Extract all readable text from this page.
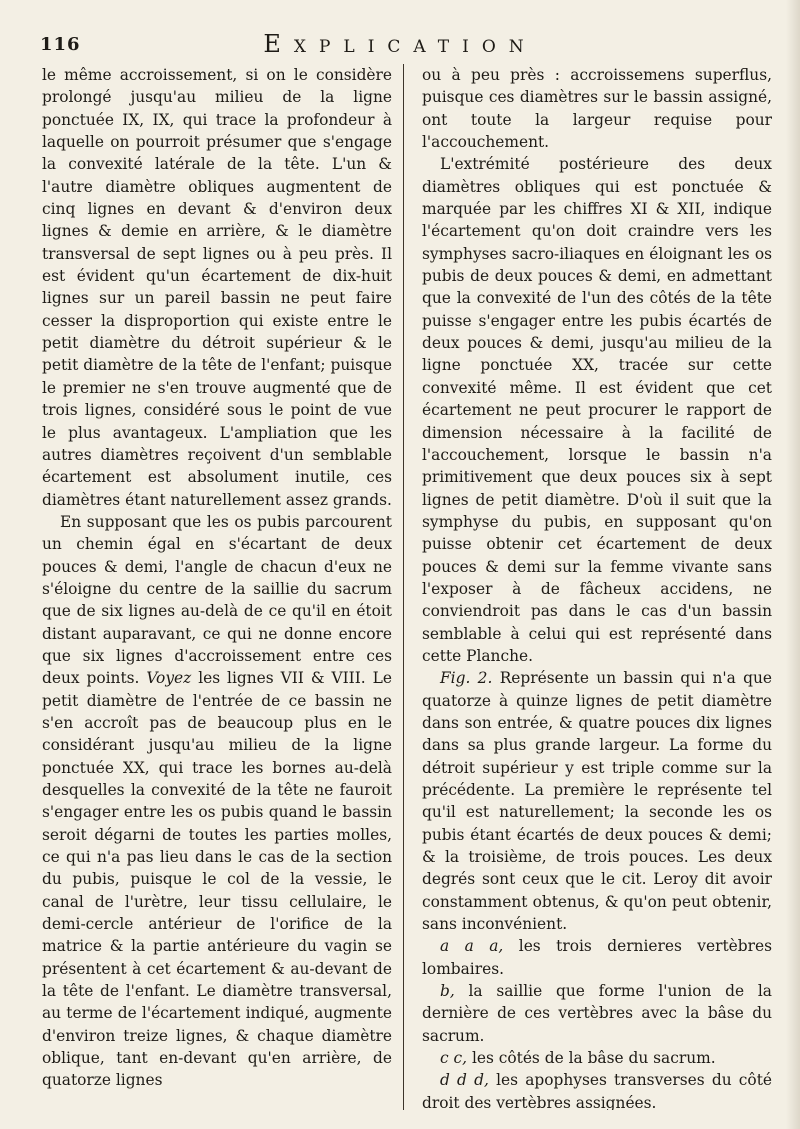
116	Explication

le même accroissement, si on le considère prolongé jusqu'au milieu de la ligne ponctuée IX, IX, qui trace la profondeur à laquelle on pourroit présumer que s'engage la convexité latérale de la tête. L'un & l'autre diamètre obliques augmentent de cinq lignes en devant & d'environ deux lignes & demie en arrière, & le diamètre transversal de sept lignes ou à peu près. Il est évident qu'un écartement de dix-huit lignes sur un pareil bassin ne peut faire cesser la disproportion qui existe entre le petit diamètre du détroit supérieur & le petit diamètre de la tête de l'enfant; puisque le premier ne s'en trouve augmenté que de trois lignes, considéré sous le point de vue le plus avantageux. L'ampliation que les autres diamètres reçoivent d'un semblable écartement est absolument inutile, ces diamètres étant naturellement assez grands.

En supposant que les os pubis parcourent un chemin égal en s'écartant de deux pouces & demi, l'angle de chacun d'eux ne s'éloigne du centre de la saillie du sacrum que de six lignes au-delà de ce qu'il en étoit distant auparavant, ce qui ne donne encore que six lignes d'accroissement entre ces deux points. Voyez les lignes VII & VIII. Le petit diamètre de l'entrée de ce bassin ne s'en accroît pas de beaucoup plus en le considérant jusqu'au milieu de la ligne ponctuée XX, qui trace les bornes au-delà desquelles la convexité de la tête ne fauroit s'engager entre les os pubis quand le bassin seroit dégarni de toutes les parties molles, ce qui n'a pas lieu dans le cas de la section du pubis, puisque le col de la vessie, le canal de l'urètre, leur tissu cellulaire, le demi-cercle antérieur de l'orifice de la matrice & la partie antérieure du vagin se présentent à cet écartement & au-devant de la tête de l'enfant. Le diamètre transversal, au terme de l'écartement indiqué, augmente d'environ treize lignes, & chaque diamètre oblique, tant en-devant qu'en arrière, de quatorze lignes

ou à peu près : accroissemens superflus, puisque ces diamètres sur le bassin assigné, ont toute la largeur requise pour l'accouchement.

L'extrémité postérieure des deux diamètres obliques qui est ponctuée & marquée par les chiffres XI & XII, indique l'écartement qu'on doit craindre vers les symphyses sacro-iliaques en éloignant les os pubis de deux pouces & demi, en admettant que la convexité de l'un des côtés de la tête puisse s'engager entre les pubis écartés de deux pouces & demi, jusqu'au milieu de la ligne ponctuée XX, tracée sur cette convexité même. Il est évident que cet écartement ne peut procurer le rapport de dimension nécessaire à la facilité de l'accouchement, lorsque le bassin n'a primitivement que deux pouces six à sept lignes de petit diamètre. D'où il suit que la symphyse du pubis, en supposant qu'on puisse obtenir cet écartement de deux pouces & demi sur la femme vivante sans l'exposer à de fâcheux accidens, ne conviendroit pas dans le cas d'un bassin semblable à celui qui est représenté dans cette Planche.

Fig. 2. Représente un bassin qui n'a que quatorze à quinze lignes de petit diamètre dans son entrée, & quatre pouces dix lignes dans sa plus grande largeur. La forme du détroit supérieur y est triple comme sur la précédente. La première le représente tel qu'il est naturellement; la seconde les os pubis étant écartés de deux pouces & demi; & la troisième, de trois pouces. Les deux degrés sont ceux que le cit. Leroy dit avoir constamment obtenus, & qu'on peut obtenir, sans inconvénient.

a a a, les trois dernieres vertèbres lombaires.

b, la saillie que forme l'union de la dernière de ces vertèbres avec la bâse du sacrum.

c c, les côtés de la bâse du sacrum.

d d d, les apophyses transverses du côté droit des vertèbres assignées.
